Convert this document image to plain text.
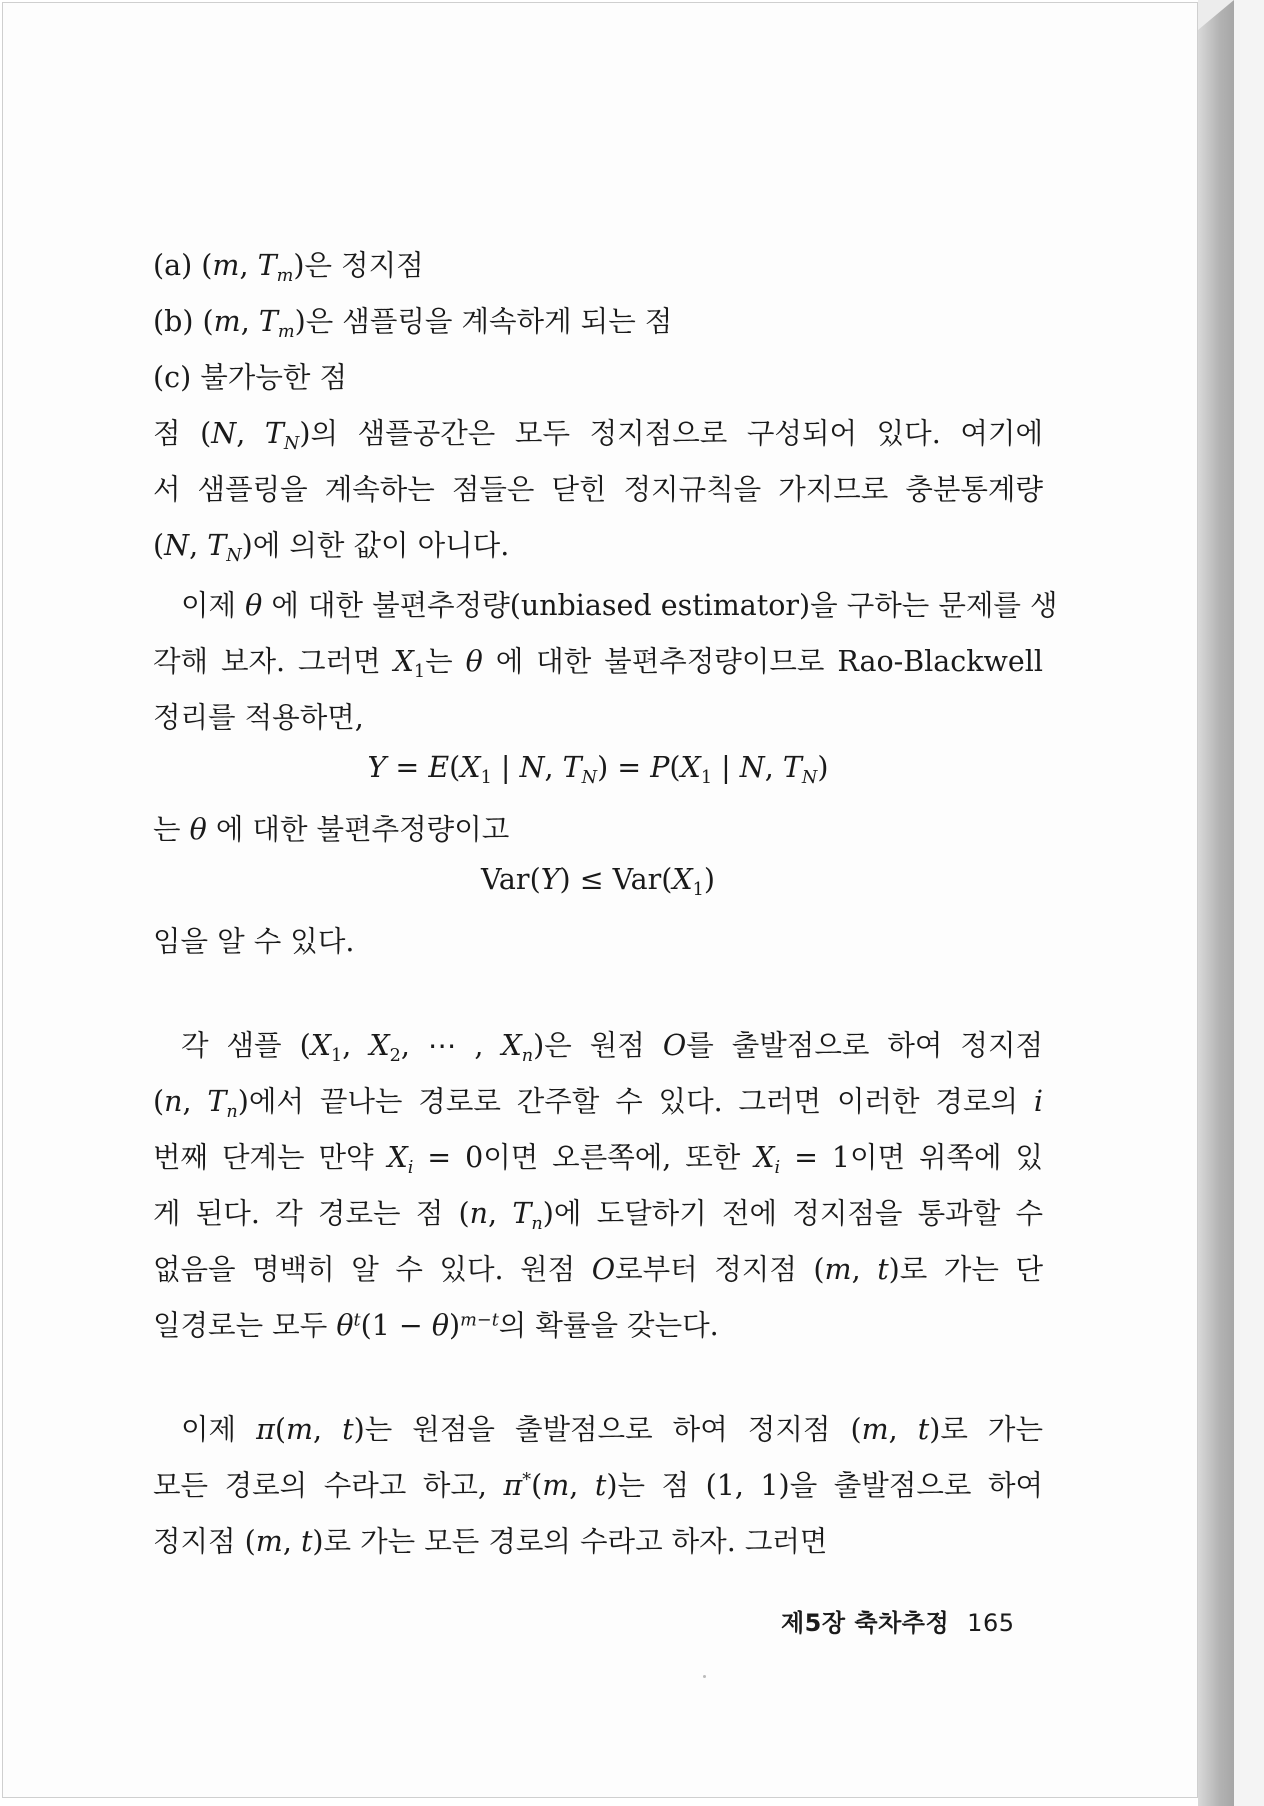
(a) (m, $T_m$)은 정지점
(b) (m, $T_m$)은 샘플링을 계속하게 되는 점
(c) 불가능한 점
점 (N, $T_N$)의 샘플공간은 모두 정지점으로 구성되어 있다. 여기에
서 샘플링을 계속하는 점들은 닫힌 정지규칙을 가지므로 충분통계량
(N, $T_N$)에 의한 값이 아니다.
이제 θ 에 대한 불편추정량(unbiased estimator)을 구하는 문제를 생
각해 보자. 그러면 $X_1$는 θ 에 대한 불편추정량이므로 Rao-Blackwell
정리를 적용하면,
$Y = E(X_1$ | N, $T_N) = P(X_1$ | N, $T_N$)
는 θ 에 대한 불편추정량이고
$Var(Y) \le Var(X_1)$
임을 알 수 있다.
각 샘플 ($X_1$, $X_2$, ⋯ , $X_n$)은 원점 O를 출발점으로 하여 정지점
(n, $T_n$)에서 끝나는 경로로 간주할 수 있다. 그러면 이러한 경로의 i
번째 단계는 만약 $X_i = 0$이면 오른쪽에, 또한 $X_i = 1$이면 위쪽에 있
게 된다. 각 경로는 점 (n, $T_n$)에 도달하기 전에 정지점을 통과할 수
없음을 명백히 알 수 있다. 원점 O로부터 정지점 (m, t)로 가는 단
일경로는 모두 $\theta^t(1 - \theta)^{m-t}$의 확률을 갖는다.
이제 π(m, t)는 원점을 출발점으로 하여 정지점 (m, t)로 가는
모든 경로의 수라고 하고, π*(m, t)는 점 (1, 1)을 출발점으로 하여
정지점 (m, t)로 가는 모든 경로의 수라고 하자. 그러면
제5장 축차추정 165
